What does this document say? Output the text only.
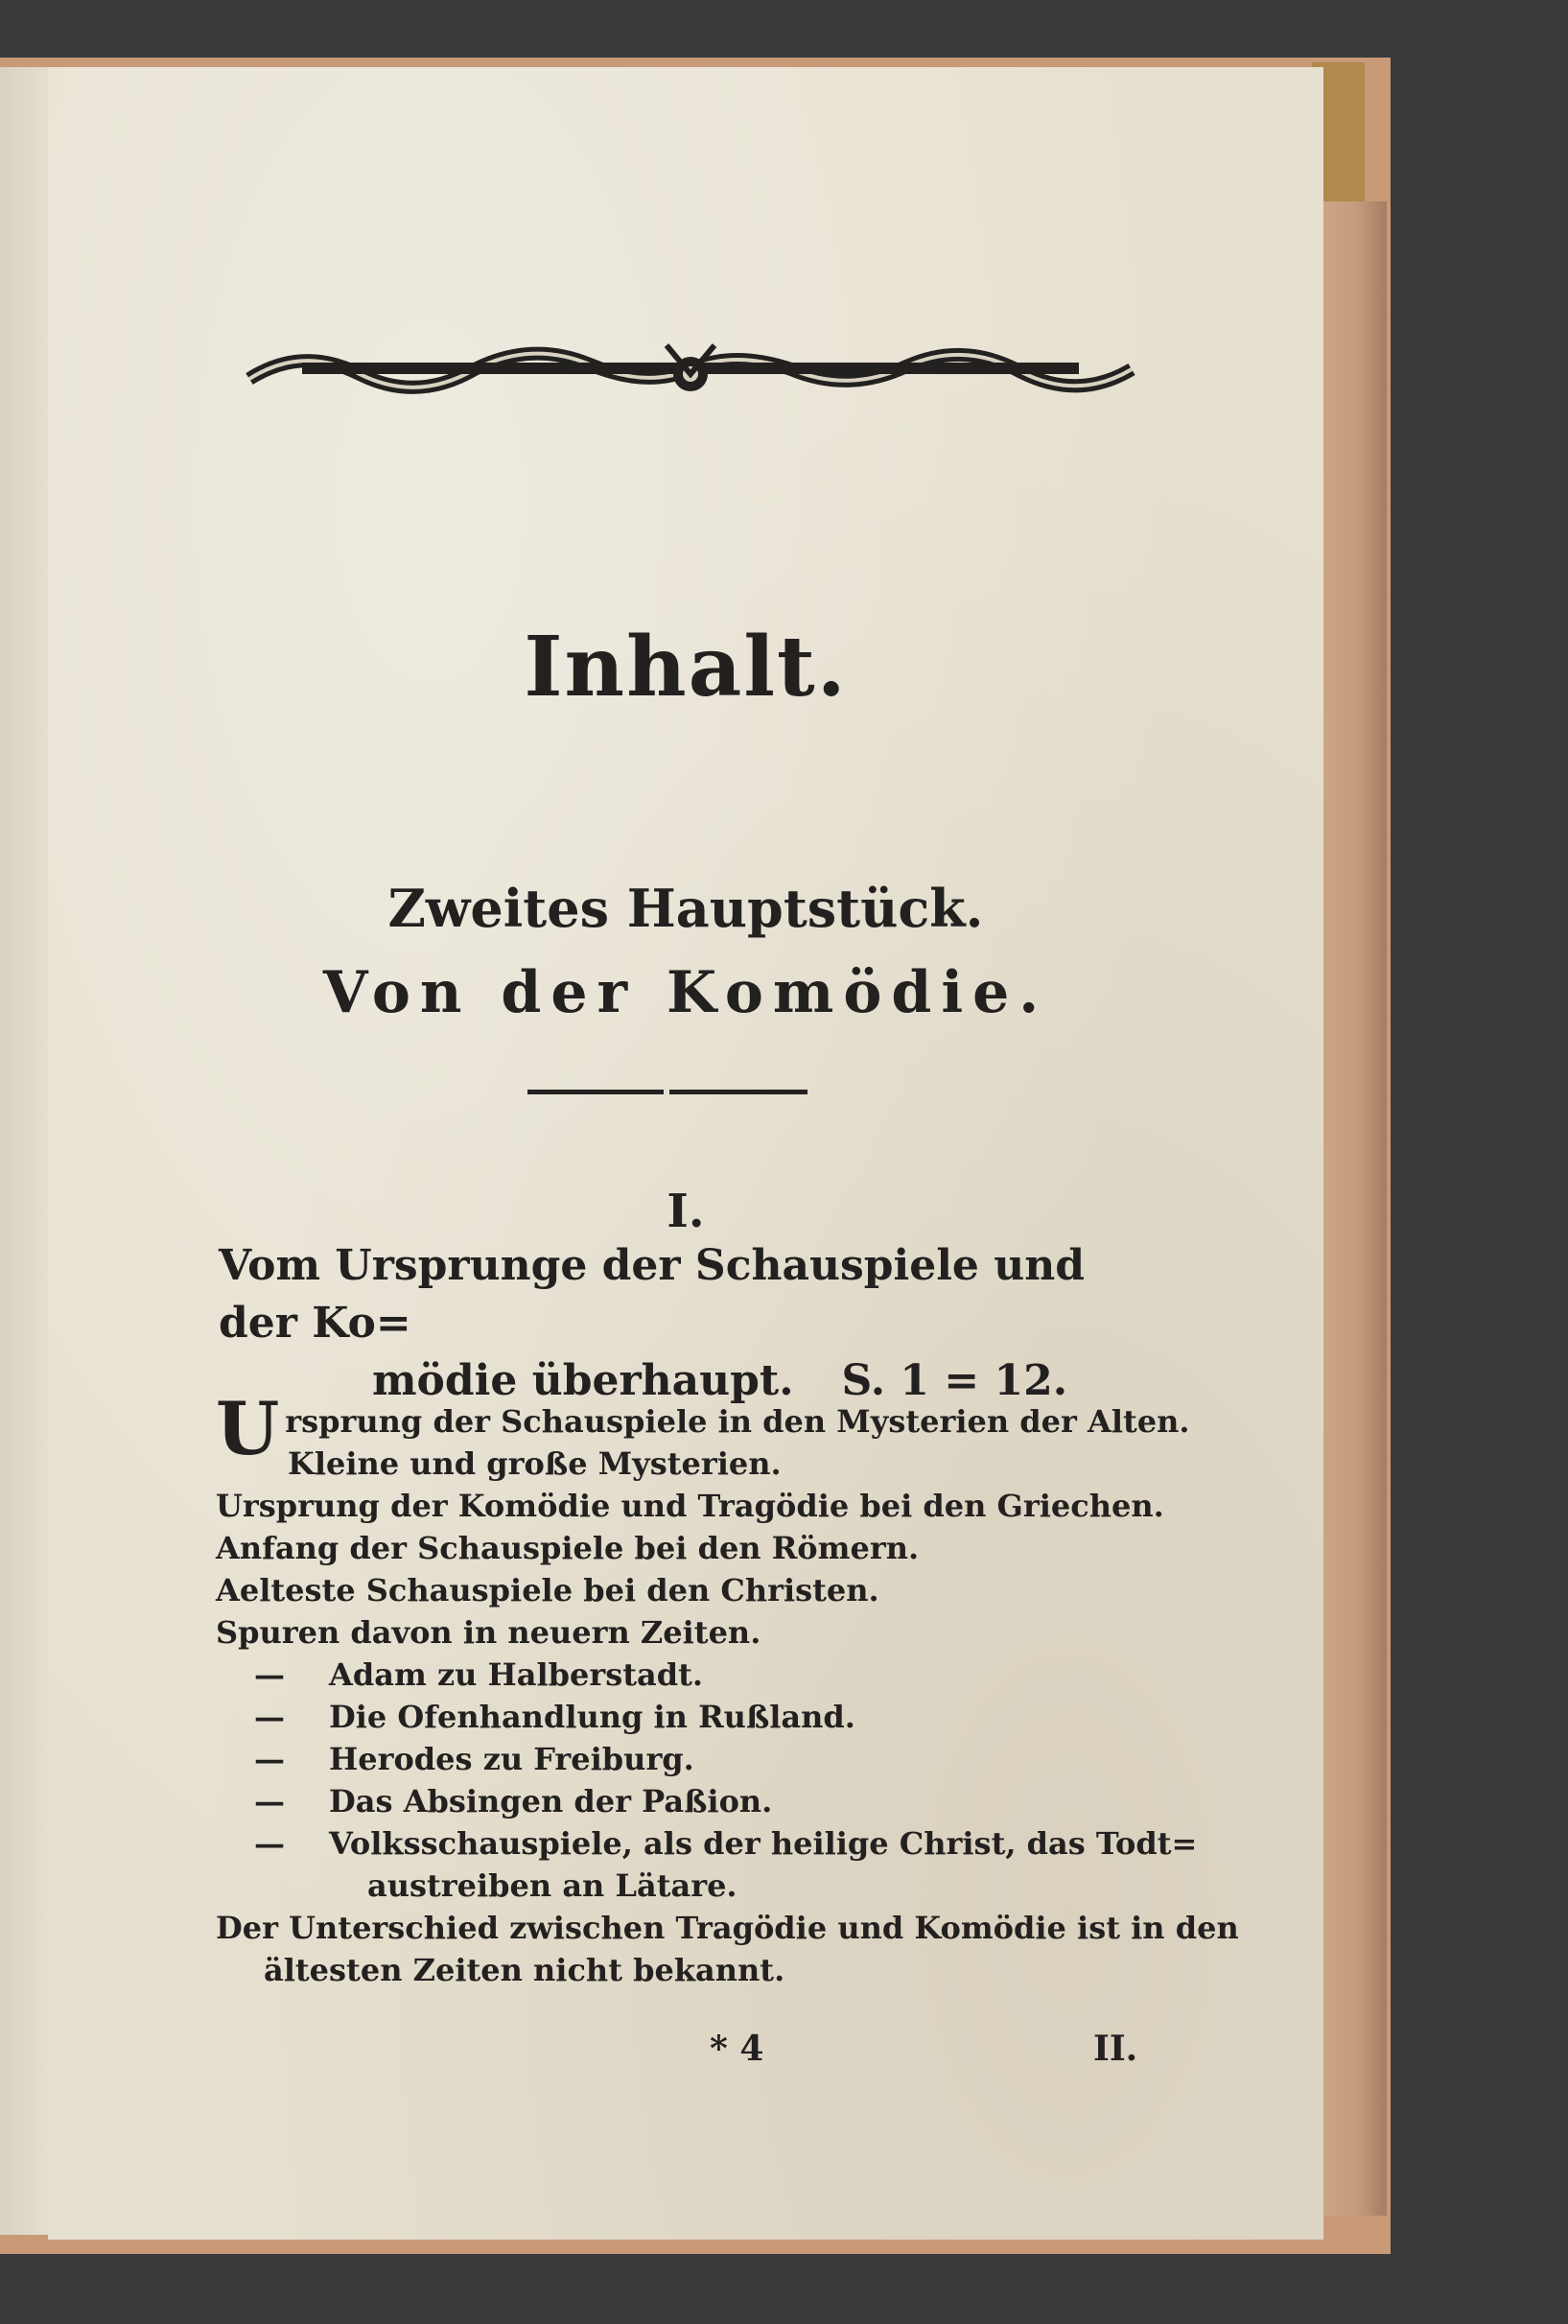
Inhalt.
Zweites Hauptstück.
Von der Komödie.
I.
Vom Ursprunge der Schauspiele und der Ko=
mödie überhaupt. S. 1 = 12.
U rsprung der Schauspiele in den Mysterien der Alten.
Kleine und große Mysterien.
Ursprung der Komödie und Tragödie bei den Griechen.
Anfang der Schauspiele bei den Römern.
Aelteste Schauspiele bei den Christen.
Spuren davon in neuern Zeiten.
— Adam zu Halberstadt.
— Die Ofenhandlung in Rußland.
— Herodes zu Freiburg.
— Das Absingen der Paßion.
— Volksschauspiele, als der heilige Christ, das Todt=
austreiben an Lätare.
Der Unterschied zwischen Tragödie und Komödie ist in den
ältesten Zeiten nicht bekannt.
* 4	II.
